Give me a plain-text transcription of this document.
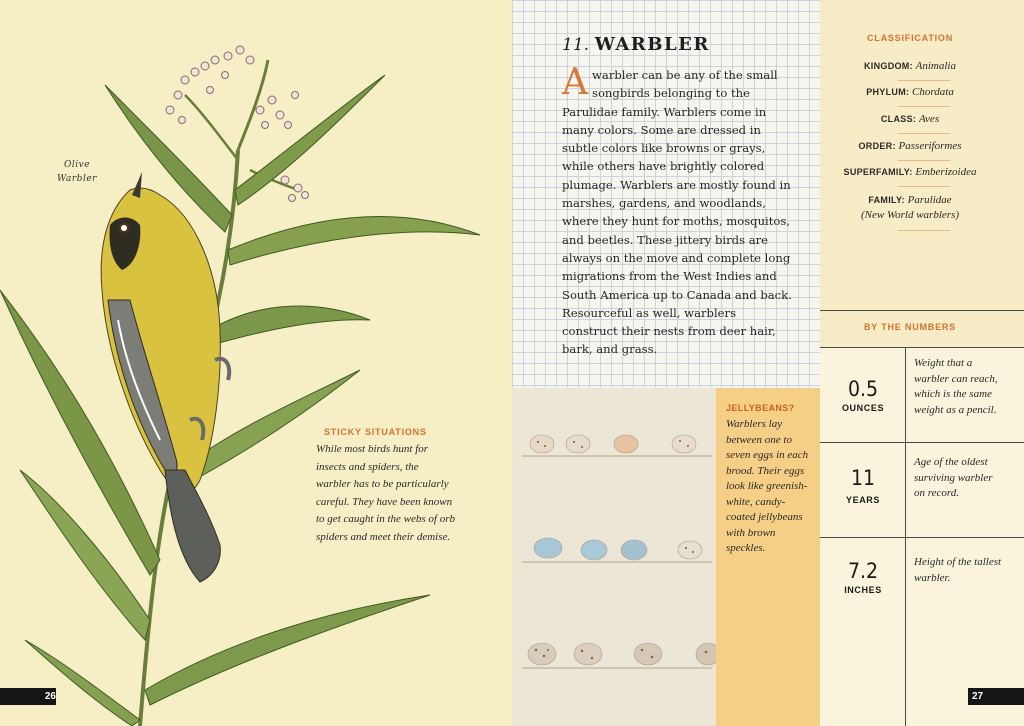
Olive
Warbler
STICKY SITUATIONS
While most birds hunt for insects and spiders, the warbler has to be particularly careful. They have been known to get caught in the webs of orb spiders and meet their demise.
26
11. WARBLER
A warbler can be any of the small songbirds belonging to the Parulidae family. Warblers come in many colors. Some are dressed in subtle colors like browns or grays, while others have brightly colored plumage. Warblers are mostly found in marshes, gardens, and woodlands, where they hunt for moths, mosquitos, and beetles. These jittery birds are always on the move and complete long migrations from the West Indies and South America up to Canada and back. Resourceful as well, warblers construct their nests from deer hair, bark, and grass.
JELLYBEANS?
Warblers lay between one to seven eggs in each brood. Their eggs look like greenish-white, candy-coated jellybeans with brown speckles.
CLASSIFICATION
KINGDOM: Animalia
PHYLUM: Chordata
CLASS: Aves
ORDER: Passeriformes
SUPERFAMILY: Emberizoidea
FAMILY: Parulidae
(New World warblers)
BY THE NUMBERS
0.5
OUNCES
Weight that a warbler can reach, which is the same weight as a pencil.
11
YEARS
Age of the oldest surviving warbler on record.
7.2
INCHES
Height of the tallest warbler.
27
